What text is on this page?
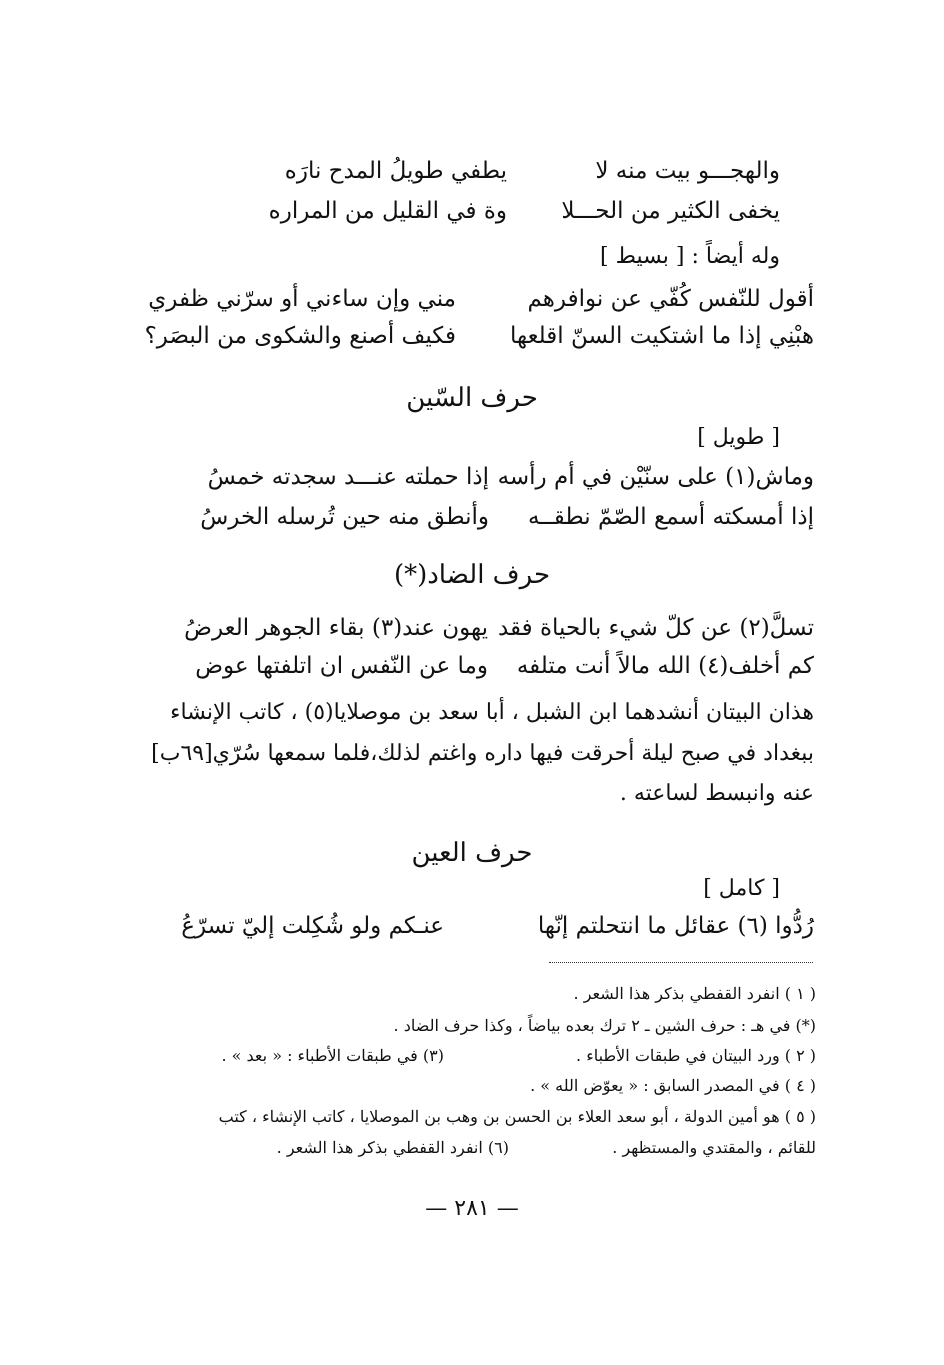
والهجـــو بيت منه لا
يطفي طويلُ المدح نارَه
يخفى الكثير من الحـــلا
وة في القليل من المراره
وله أيضاً : [ بسيط ]
أقول للنّفس كُفّي عن نوافرهم
مني وإن ساءني أو سرّني ظفري
هبْنِي إذا ما اشتكيت السنّ اقلعها
فكيف أصنع والشكوى من البصَر؟
حرف السّين
[ طويل ]
وماش(١) على سنّيْن في أم رأسه
إذا حملته عنـــد سجدته خمسُ
إذا أمسكته أسمع الصّمّ نطقــه
وأنطق منه حين تُرسله الخرسُ
حرف الضاد(*)
تسلَّ(٢) عن كلّ شيء بالحياة فقد
يهون عند(٣) بقاء الجوهر العرضُ
كم أخلف(٤) الله مالاً أنت متلفه
وما عن النّفس ان اتلفتها عوض
هذان البيتان أنشدهما ابن الشبل ، أبا سعد بن موصلايا(٥) ، كاتب الإنشاء
ببغداد في صبح ليلة أحرقت فيها داره واغتم لذلك،فلما سمعها سُرّي[٦٩ب]
عنه وانبسط لساعته .
حرف العين
[ كامل ]
رُدُّوا (٦) عقائل ما انتحلتم إنّها
عنـكم ولو شُكِلت إليّ تسرّعُ
( ١ ) انفرد القفطي بذكر هذا الشعر .
(*) في هـ : حرف الشين ـ ٢ ترك بعده بياضاً ، وكذا حرف الضاد .
( ٢ ) ورد البيتان في طبقات الأطباء .
(٣) في طبقات الأطباء : « بعد » .
( ٤ ) في المصدر السابق : « يعوّض الله » .
( ٥ ) هو أمين الدولة ، أبو سعد العلاء بن الحسن بن وهب بن الموصلايا ، كاتب الإنشاء ، كتب
للقائم ، والمقتدي والمستظهر .
(٦) انفرد القفطي بذكر هذا الشعر .
— ٢٨١ —
